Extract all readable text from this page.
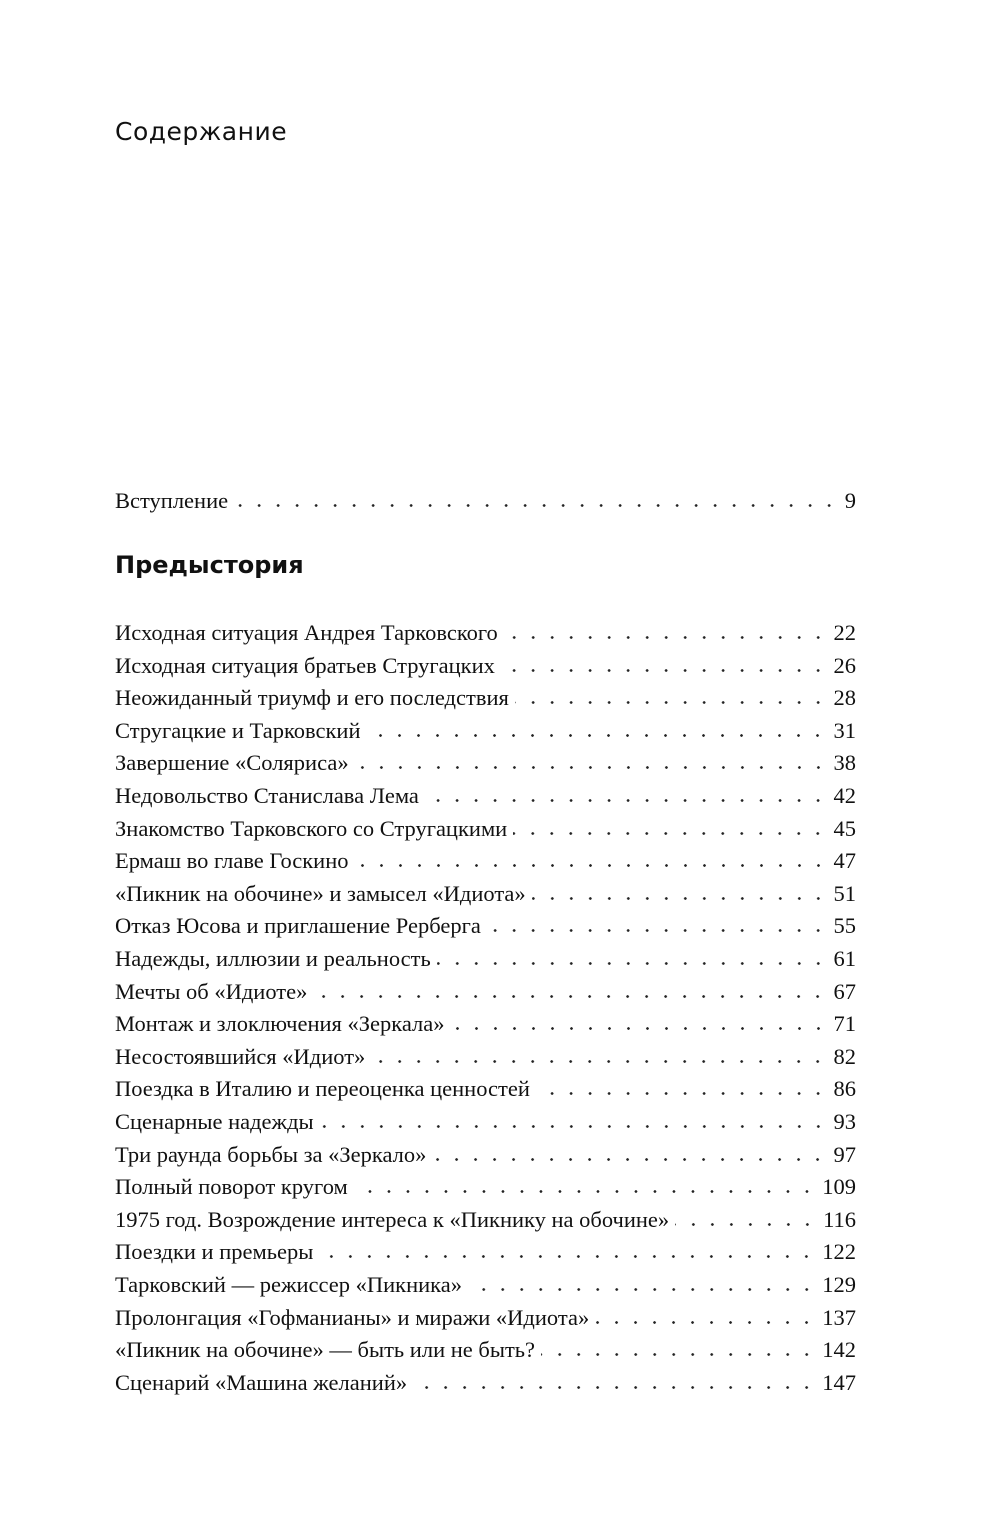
Содержание
Вступление	9
Предыстория
Исходная ситуация Андрея Тарковского	22
Исходная ситуация братьев Стругацких	26
Неожиданный триумф и его последствия	28
Стругацкие и Тарковский	31
Завершение «Соляриса»	38
Недовольство Станислава Лема	42
Знакомство Тарковского со Стругацкими	45
Ермаш во главе Госкино	47
«Пикник на обочине» и замысел «Идиота»	51
Отказ Юсова и приглашение Рерберга	55
Надежды, иллюзии и реальность	61
Мечты об «Идиоте»	67
Монтаж и злоключения «Зеркала»	71
Несостоявшийся «Идиот»	82
Поездка в Италию и переоценка ценностей	86
Сценарные надежды	93
Три раунда борьбы за «Зеркало»	97
Полный поворот кругом	109
1975 год. Возрождение интереса к «Пикнику на обочине»	116
Поездки и премьеры	122
Тарковский — режиссер «Пикника»	129
Пролонгация «Гофманианы» и миражи «Идиота»	137
«Пикник на обочине» — быть или не быть?	142
Сценарий «Машина желаний»	147
